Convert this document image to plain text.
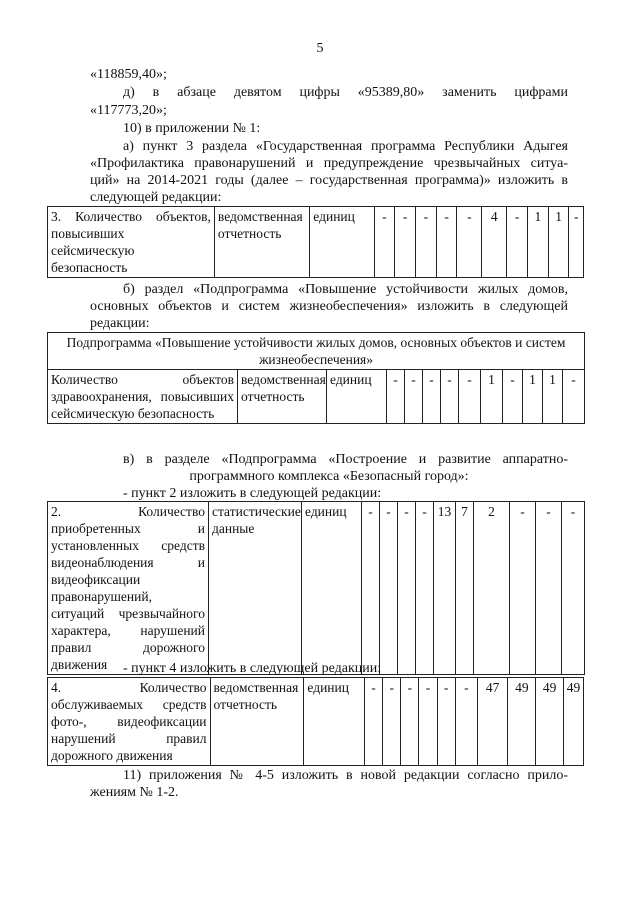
5
«118859,40»;
д) в абзаце девятом цифры «95389,80» заменить цифрами
«117773,20»;
10) в приложении № 1:
а) пункт 3 раздела «Государственная программа Республики Адыгея
«Профилактика правонарушений и предупреждение чрезвычайных ситуа-
ций» на 2014-2021 годы (далее – государственная программа)» изложить в
следующей редакции:
3. Количество объектов, повысивших сейсмическую безопасность	ведомственная отчетность	единиц	-	-	-	-	-	4	-	1	1	-
б) раздел «Подпрограмма «Повышение устойчивости жилых домов,
основных объектов и систем жизнеобеспечения» изложить в следующей
редакции:
Подпрограмма «Повышение устойчивости жилых домов, основных объектов и систем жизнеобеспечения»
Количество объектов здравоохранения, повысивших сейсмическую безопасность	ведомственная отчетность	единиц	-	-	-	-	-	1	-	1	1	-
в) в разделе «Подпрограмма «Построение и развитие аппаратно-
программного комплекса «Безопасный город»:
- пункт 2 изложить в следующей редакции:
2. Количество приобретенных и установленных средств видеонаблюдения и видеофиксации правонарушений, ситуаций чрезвычайного характера, нарушений правил дорожного движения	статистические данные	единиц	-	-	-	-	13	7	2	-	-	-
- пункт 4 изложить в следующей редакции:
4. Количество обслуживаемых средств фото-, видеофиксации нарушений правил дорожного движения	ведомственная отчетность	единиц	-	-	-	-	-	-	47	49	49	49
11) приложения № 4-5 изложить в новой редакции согласно прило-
жениям № 1-2.
